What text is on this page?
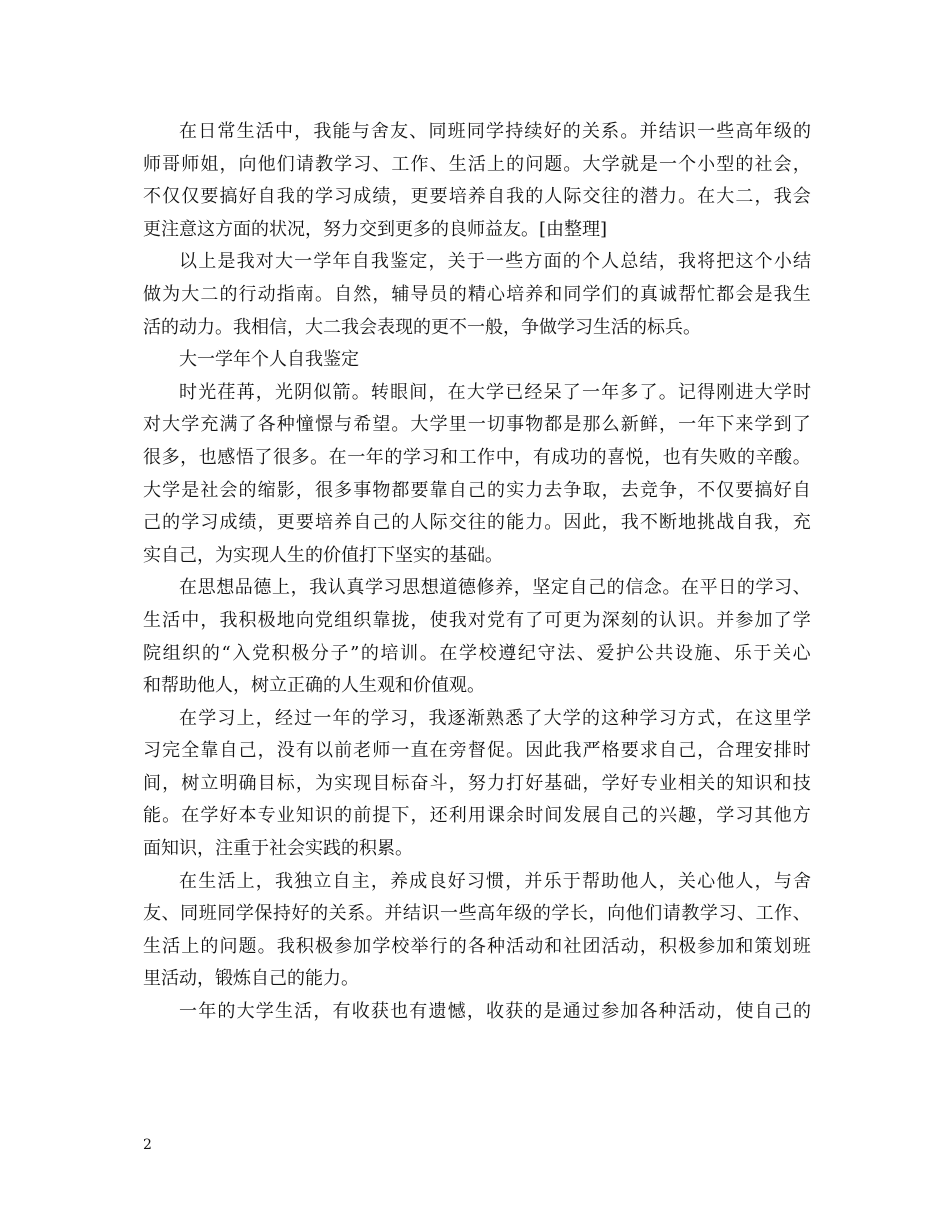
在 日 常 生 活 中 ， 我 能 与 舍 友 、 同 班 同 学 持 续 好 的 关 系 。 并 结 识 一 些 高 年 级 的
师 哥 师 姐 ， 向 他 们 请 教 学 习 、 工 作 、 生 活 上 的 问 题 。 大 学 就 是 一 个 小 型 的 社 会 ，
不 仅 仅 要 搞 好 自 我 的 学 习 成 绩 ， 更 要 培 养 自 我 的 人 际 交 往 的 潜 力 。 在 大 二 ， 我 会
更注意这方面的状况，努力交到更多的良师益友。[由整理]
以 上 是 我 对 大 一 学 年 自 我 鉴 定 ， 关 于 一 些 方 面 的 个 人 总 结 ， 我 将 把 这 个 小 结
做 为 大 二 的 行 动 指 南 。 自 然 ， 辅 导 员 的 精 心 培 养 和 同 学 们 的 真 诚 帮 忙 都 会 是 我 生
活的动力。我相信，大二我会表现的更不一般，争做学习生活的标兵。
大一学年个人自我鉴定
时 光 荏 苒 ， 光 阴 似 箭 。 转 眼 间 ， 在 大 学 已 经 呆 了 一 年 多 了 。 记 得 刚 进 大 学 时
对 大 学 充 满 了 各 种 憧 憬 与 希 望 。 大 学 里 一 切 事 物 都 是 那 么 新 鲜 ， 一 年 下 来 学 到 了
很 多 ， 也 感 悟 了 很 多 。 在 一 年 的 学 习 和 工 作 中 ， 有 成 功 的 喜 悦 ， 也 有 失 败 的 辛 酸 。
大 学 是 社 会 的 缩 影 ， 很 多 事 物 都 要 靠 自 己 的 实 力 去 争 取 ， 去 竞 争 ， 不 仅 要 搞 好 自
己 的 学 习 成 绩 ， 更 要 培 养 自 己 的 人 际 交 往 的 能 力 。 因 此 ， 我 不 断 地 挑 战 自 我 ， 充
实自己，为实现人生的价值打下坚实的基础。
在 思 想 品 德 上 ， 我 认 真 学 习 思 想 道 德 修 养 ， 坚 定 自 己 的 信 念 。 在 平 日 的 学 习 、
生 活 中 ， 我 积 极 地 向 党 组 织 靠 拢 ， 使 我 对 党 有 了 可 更 为 深 刻 的 认 识 。 并 参 加 了 学
院 组 织 的 “ 入 党 积 极 分 子 ” 的 培 训 。 在 学 校 遵 纪 守 法 、 爱 护 公 共 设 施 、 乐 于 关 心
和帮助他人，树立正确的人生观和价值观。
在 学 习 上 ， 经 过 一 年 的 学 习 ， 我 逐 渐 熟 悉 了 大 学 的 这 种 学 习 方 式 ， 在 这 里 学
习 完 全 靠 自 己 ， 没 有 以 前 老 师 一 直 在 旁 督 促 。 因 此 我 严 格 要 求 自 己 ， 合 理 安 排 时
间 ， 树 立 明 确 目 标 ， 为 实 现 目 标 奋 斗 ， 努 力 打 好 基 础 ， 学 好 专 业 相 关 的 知 识 和 技
能 。 在 学 好 本 专 业 知 识 的 前 提 下 ， 还 利 用 课 余 时 间 发 展 自 己 的 兴 趣 ， 学 习 其 他 方
面知识，注重于社会实践的积累。
在 生 活 上 ， 我 独 立 自 主 ， 养 成 良 好 习 惯 ， 并 乐 于 帮 助 他 人 ， 关 心 他 人 ， 与 舍
友 、 同 班 同 学 保 持 好 的 关 系 。 并 结 识 一 些 高 年 级 的 学 长 ， 向 他 们 请 教 学 习 、 工 作 、
生 活 上 的 问 题 。 我 积 极 参 加 学 校 举 行 的 各 种 活 动 和 社 团 活 动 ， 积 极 参 加 和 策 划 班
里活动，锻炼自己的能力。
一 年 的 大 学 生 活 ， 有 收 获 也 有 遗 憾 ， 收 获 的 是 通 过 参 加 各 种 活 动 ， 使 自 己 的
2
